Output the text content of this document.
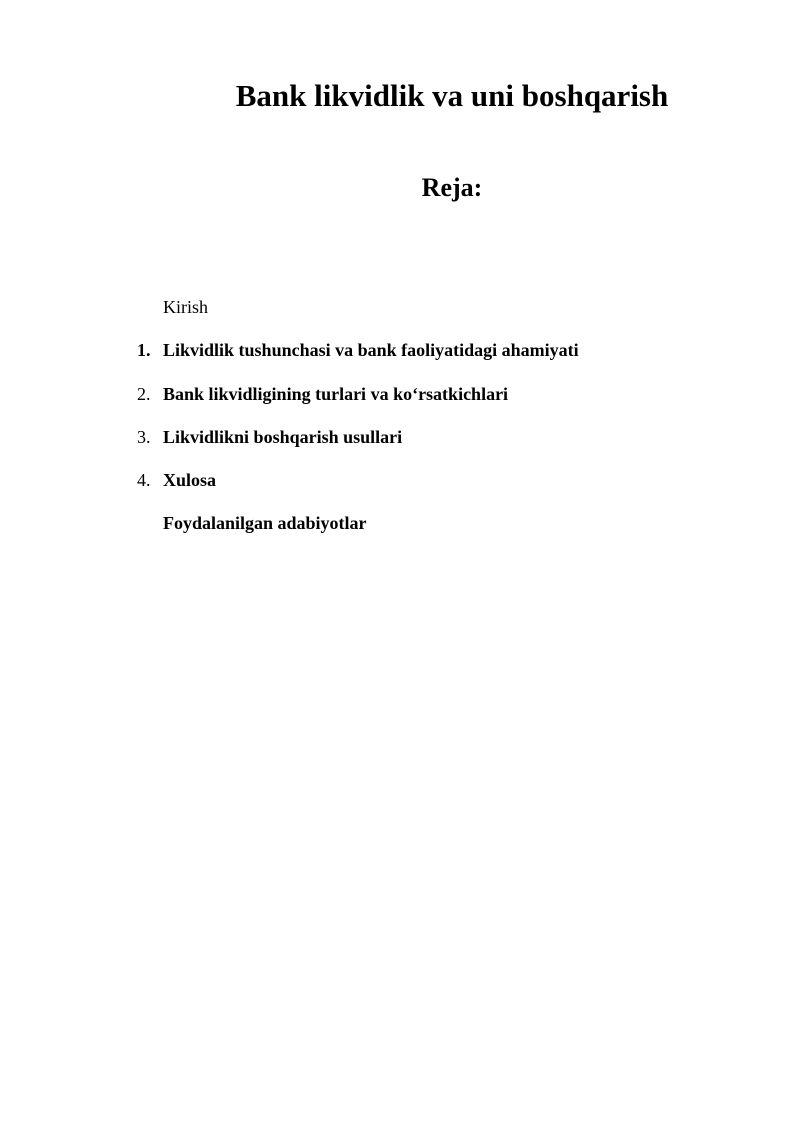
Bank likvidlik va uni boshqarish
Reja:
Kirish
1. Likvidlik tushunchasi va bank faoliyatidagi ahamiyati
2. Bank likvidligining turlari va ko‘rsatkichlari
3. Likvidlikni boshqarish usullari
4. Xulosa
Foydalanilgan adabiyotlar
